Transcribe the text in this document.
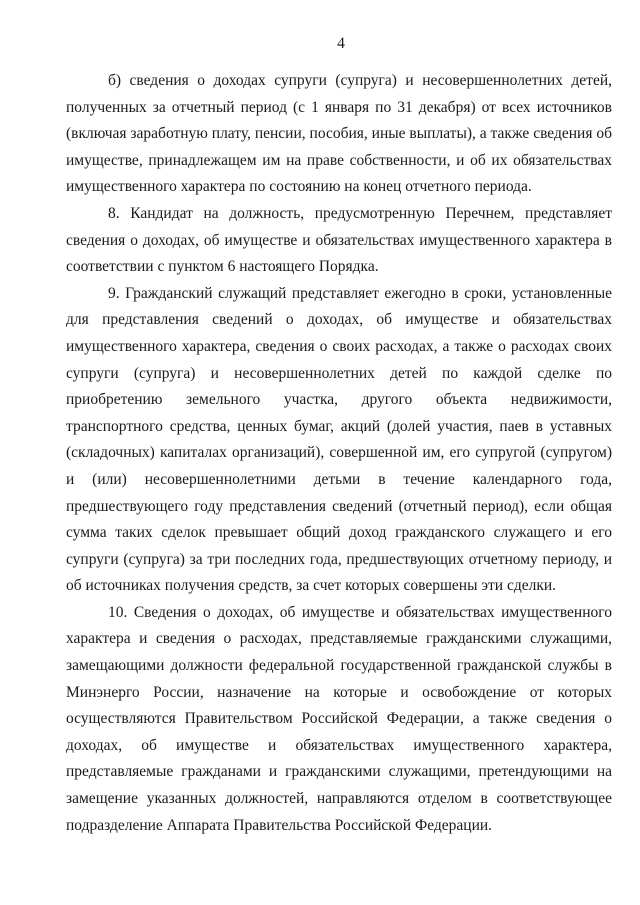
4

б) сведения о доходах супруги (супруга) и несовершеннолетних детей, полученных за отчетный период (с 1 января по 31 декабря) от всех источников (включая заработную плату, пенсии, пособия, иные выплаты), а также сведения об имуществе, принадлежащем им на праве собственности, и об их обязательствах имущественного характера по состоянию на конец отчетного периода.

8. Кандидат на должность, предусмотренную Перечнем, представляет сведения о доходах, об имуществе и обязательствах имущественного характера в соответствии с пунктом 6 настоящего Порядка.

9. Гражданский служащий представляет ежегодно в сроки, установленные для представления сведений о доходах, об имуществе и обязательствах имущественного характера, сведения о своих расходах, а также о расходах своих супруги (супруга) и несовершеннолетних детей по каждой сделке по приобретению земельного участка, другого объекта недвижимости, транспортного средства, ценных бумаг, акций (долей участия, паев в уставных (складочных) капиталах организаций), совершенной им, его супругой (супругом) и (или) несовершеннолетними детьми в течение календарного года, предшествующего году представления сведений (отчетный период), если общая сумма таких сделок превышает общий доход гражданского служащего и его супруги (супруга) за три последних года, предшествующих отчетному периоду, и об источниках получения средств, за счет которых совершены эти сделки.

10. Сведения о доходах, об имуществе и обязательствах имущественного характера и сведения о расходах, представляемые гражданскими служащими, замещающими должности федеральной государственной гражданской службы в Минэнерго России, назначение на которые и освобождение от которых осуществляются Правительством Российской Федерации, а также сведения о доходах, об имуществе и обязательствах имущественного характера, представляемые гражданами и гражданскими служащими, претендующими на замещение указанных должностей, направляются отделом в соответствующее подразделение Аппарата Правительства Российской Федерации.
